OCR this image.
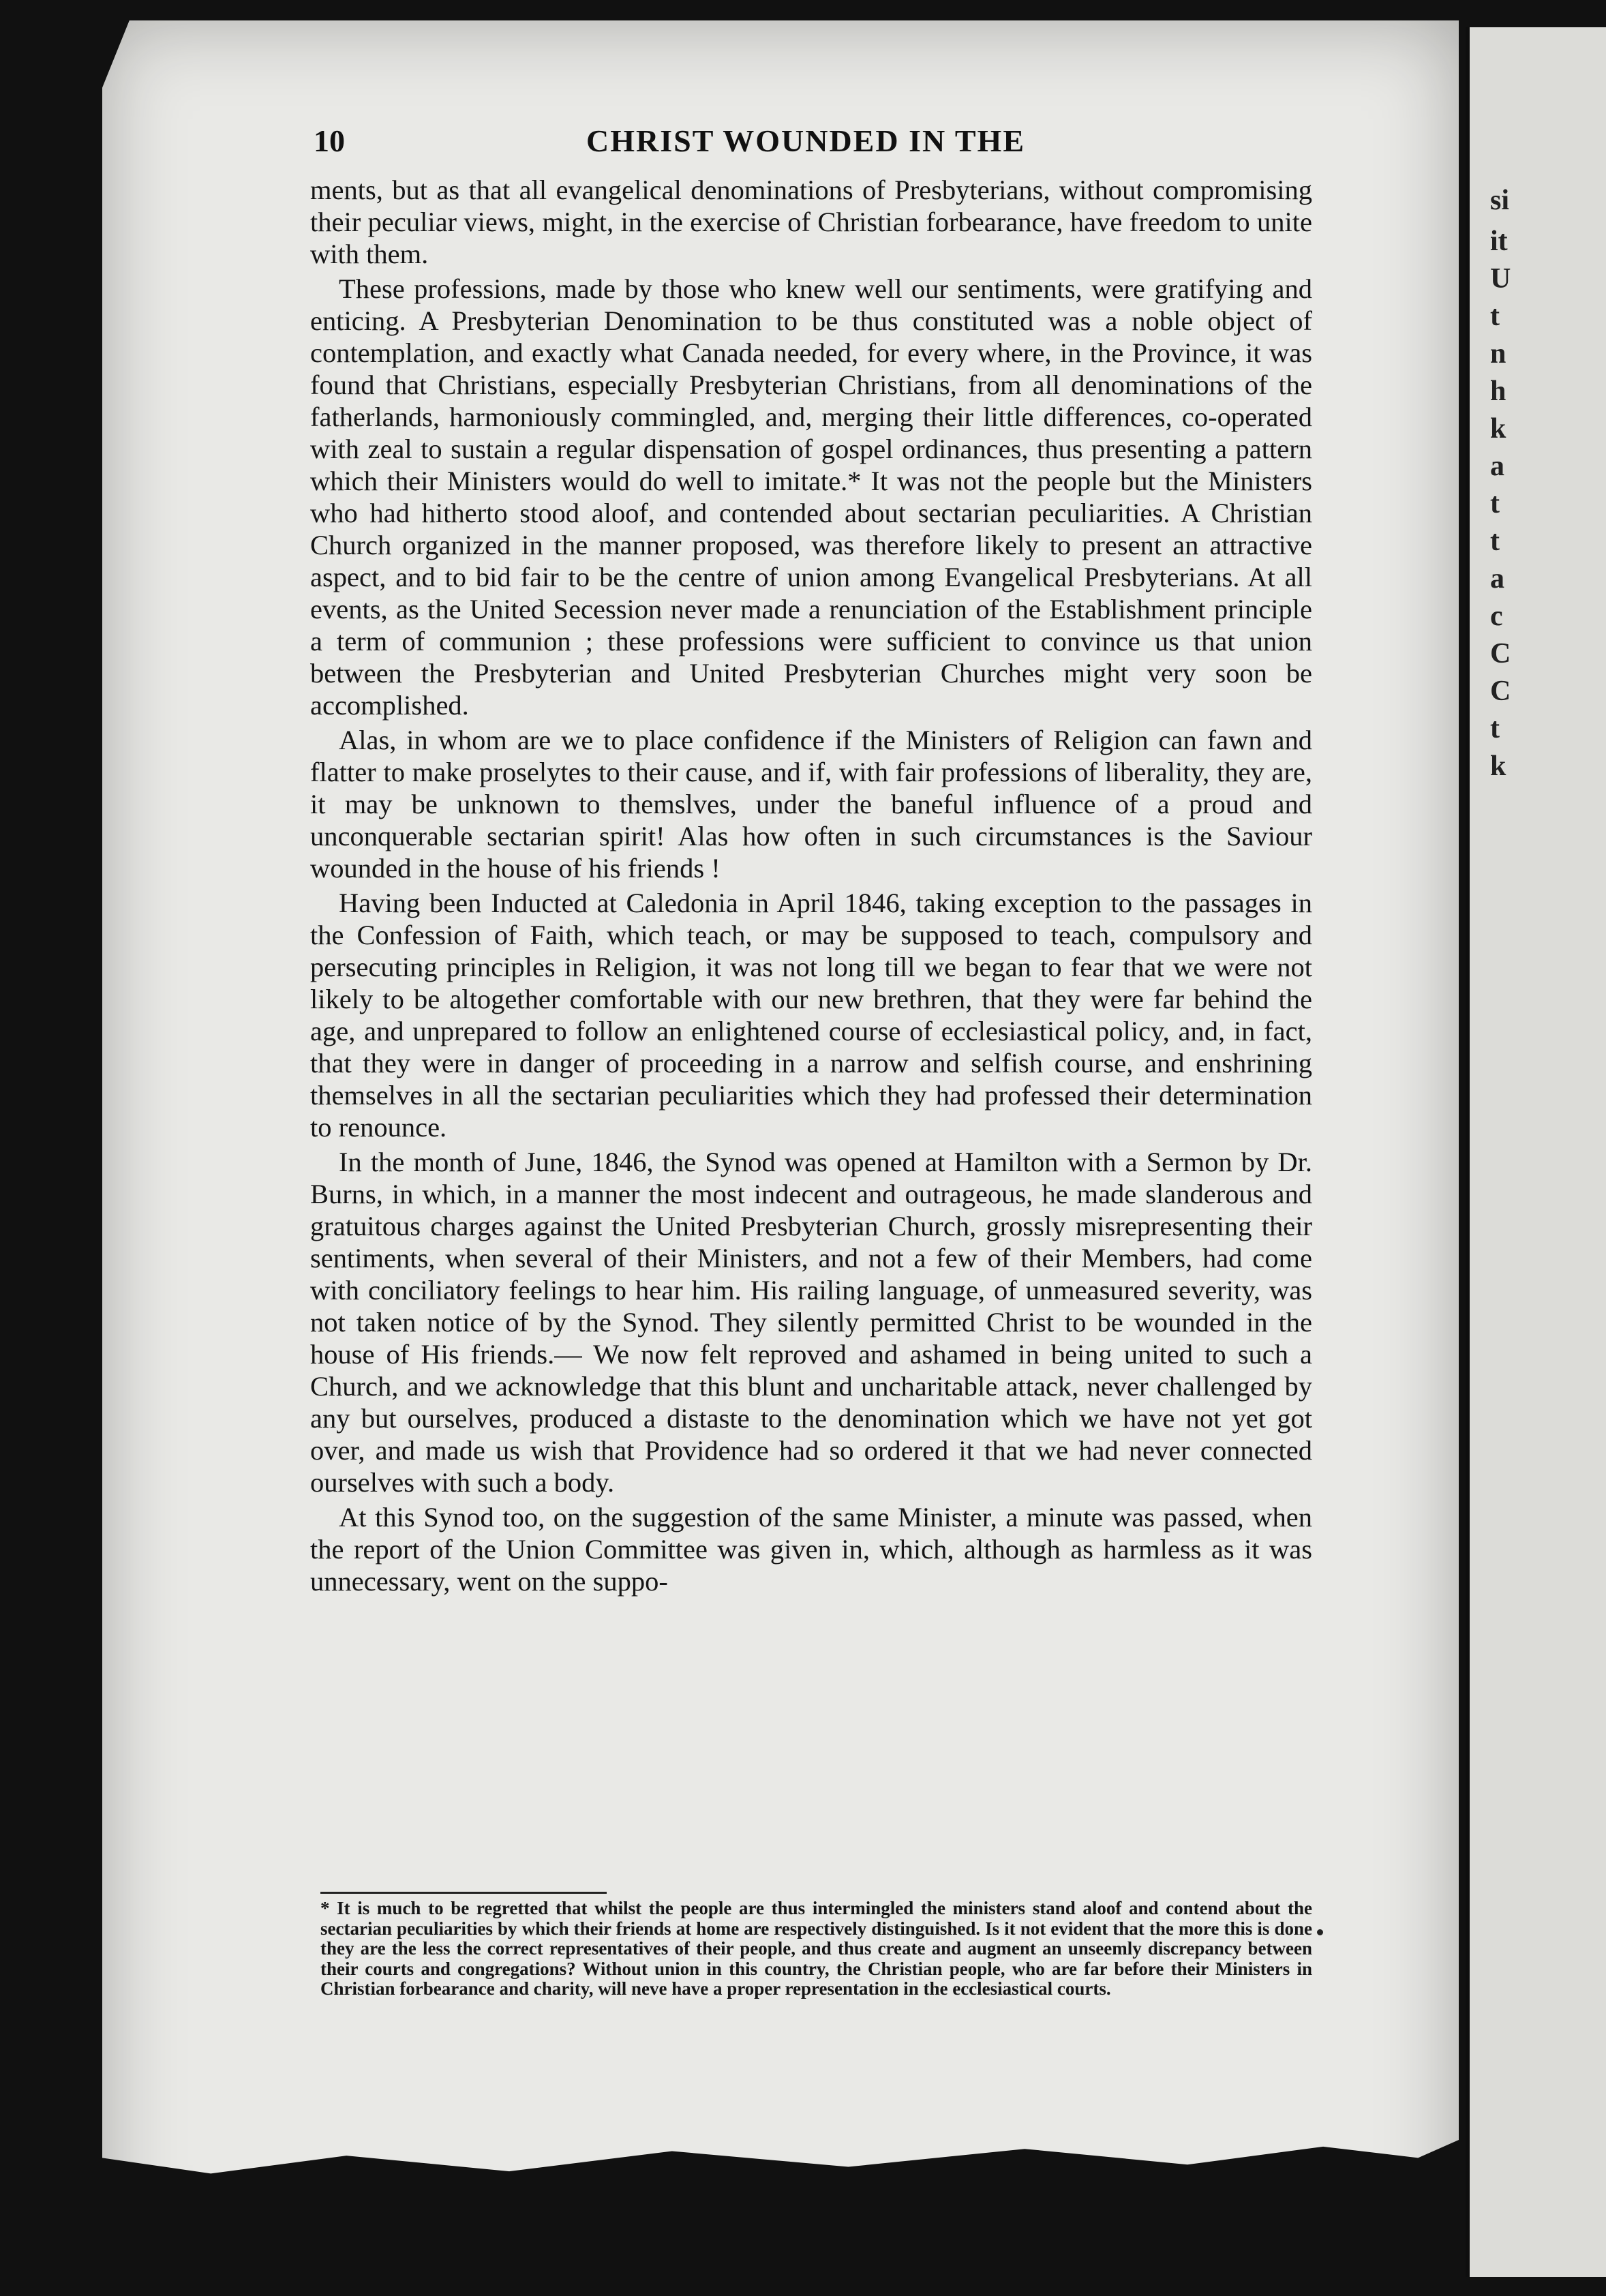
si
it
U
t
n
h
k
a
t
t
a
c
C
C
t
k
10	CHRIST WOUNDED IN THE

ments, but as that all evangelical denominations of Presbyterians, without compromising their peculiar views, might, in the exercise of Christian forbearance, have freedom to unite with them.

These professions, made by those who knew well our sentiments, were gratifying and enticing. A Presbyterian Denomination to be thus constituted was a noble object of contemplation, and exactly what Canada needed, for every where, in the Province, it was found that Christians, especially Presbyterian Christians, from all denominations of the fatherlands, harmoniously commingled, and, merging their little differences, co-operated with zeal to sustain a regular dispensation of gospel ordinances, thus presenting a pattern which their Ministers would do well to imitate.* It was not the people but the Ministers who had hitherto stood aloof, and contended about sectarian peculiarities. A Christian Church organized in the manner proposed, was therefore likely to present an attractive aspect, and to bid fair to be the centre of union among Evangelical Presbyterians. At all events, as the United Secession never made a renunciation of the Establishment principle a term of communion ; these professions were sufficient to convince us that union between the Presbyterian and United Presbyterian Churches might very soon be accomplished.

Alas, in whom are we to place confidence if the Ministers of Religion can fawn and flatter to make proselytes to their cause, and if, with fair professions of liberality, they are, it may be unknown to themslves, under the baneful influence of a proud and unconquerable sectarian spirit! Alas how often in such circumstances is the Saviour wounded in the house of his friends !

Having been Inducted at Caledonia in April 1846, taking exception to the passages in the Confession of Faith, which teach, or may be supposed to teach, compulsory and persecuting principles in Religion, it was not long till we began to fear that we were not likely to be altogether comfortable with our new brethren, that they were far behind the age, and unprepared to follow an enlightened course of ecclesiastical policy, and, in fact, that they were in danger of proceeding in a narrow and selfish course, and enshrining themselves in all the sectarian peculiarities which they had professed their determination to renounce.

In the month of June, 1846, the Synod was opened at Hamilton with a Sermon by Dr. Burns, in which, in a manner the most indecent and outrageous, he made slanderous and gratuitous charges against the United Presbyterian Church, grossly misrepresenting their sentiments, when several of their Ministers, and not a few of their Members, had come with conciliatory feelings to hear him. His railing language, of unmeasured severity, was not taken notice of by the Synod. They silently permitted Christ to be wounded in the house of His friends.— We now felt reproved and ashamed in being united to such a Church, and we acknowledge that this blunt and uncharitable attack, never challenged by any but ourselves, produced a distaste to the denomination which we have not yet got over, and made us wish that Providence had so ordered it that we had never connected ourselves with such a body.

At this Synod too, on the suggestion of the same Minister, a minute was passed, when the report of the Union Committee was given in, which, although as harmless as it was unnecessary, went on the suppo-

* It is much to be regretted that whilst the people are thus intermingled the ministers stand aloof and contend about the sectarian peculiarities by which their friends at home are respectively distinguished. Is it not evident that the more this is done they are the less the correct representatives of their people, and thus create and augment an unseemly discrepancy between their courts and congregations? Without union in this country, the Christian people, who are far before their Ministers in Christian forbearance and charity, will neve have a proper representation in the ecclesiastical courts.
